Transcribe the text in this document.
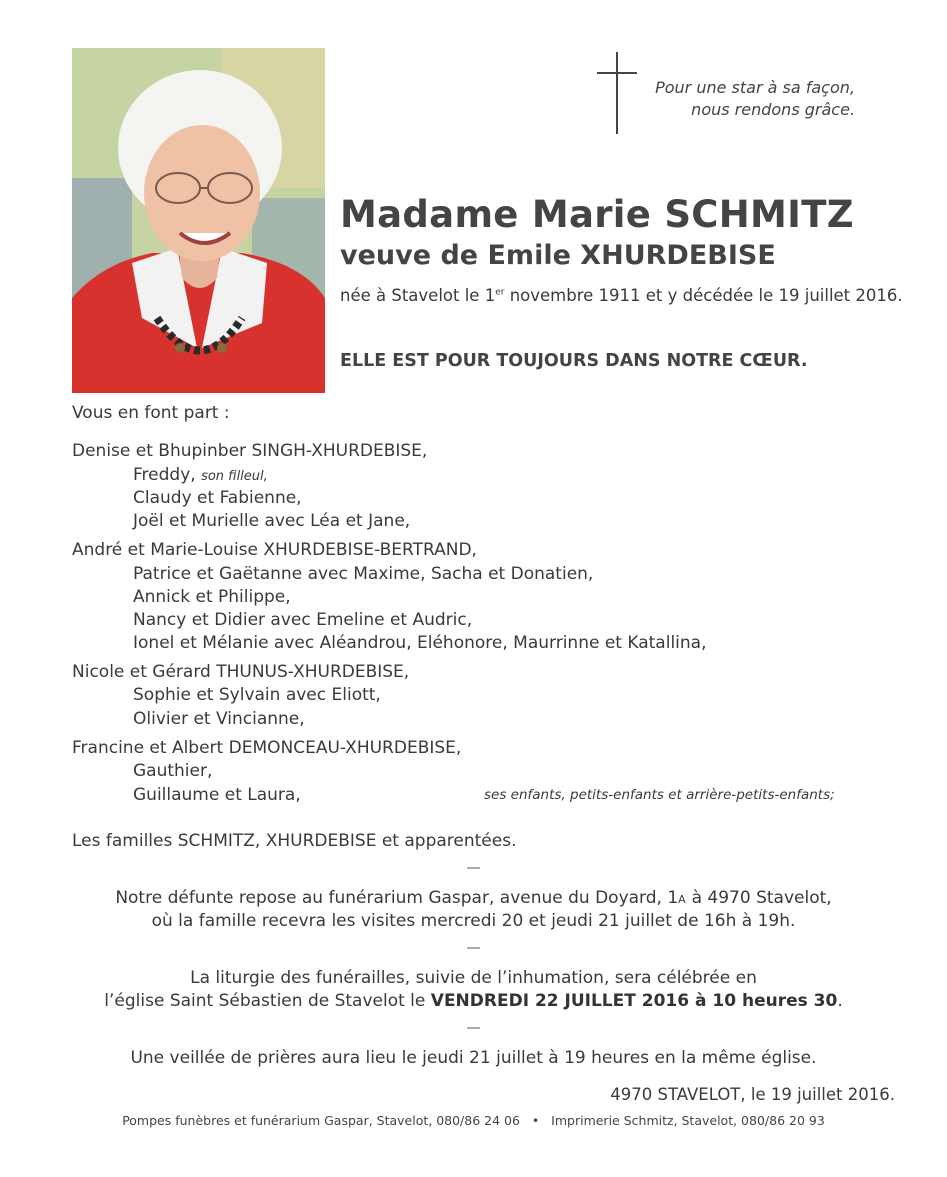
Pour une star à sa façon,
nous rendons grâce.
Madame Marie SCHMITZ
veuve de Emile XHURDEBISE
née à Stavelot le 1er novembre 1911 et y décédée le 19 juillet 2016.
ELLE EST POUR TOUJOURS DANS NOTRE CŒUR.
Vous en font part :
Denise et Bhupinber SINGH-XHURDEBISE,
Freddy, son filleul,
Claudy et Fabienne,
Joël et Murielle avec Léa et Jane,
André et Marie-Louise XHURDEBISE-BERTRAND,
Patrice et Gaëtanne avec Maxime, Sacha et Donatien,
Annick et Philippe,
Nancy et Didier avec Emeline et Audric,
Ionel et Mélanie avec Aléandrou, Eléhonore, Maurrinne et Katallina,
Nicole et Gérard THUNUS-XHURDEBISE,
Sophie et Sylvain avec Eliott,
Olivier et Vincianne,
Francine et Albert DEMONCEAU-XHURDEBISE,
Gauthier,
Guillaume et Laura,	ses enfants, petits-enfants et arrière-petits-enfants;
Les familles SCHMITZ, XHURDEBISE et apparentées.
—
Notre défunte repose au funérarium Gaspar, avenue du Doyard, 1A à 4970 Stavelot,
où la famille recevra les visites mercredi 20 et jeudi 21 juillet de 16h à 19h.
—
La liturgie des funérailles, suivie de l’inhumation, sera célébrée en
l’église Saint Sébastien de Stavelot le VENDREDI 22 JUILLET 2016 à 10 heures 30.
—
Une veillée de prières aura lieu le jeudi 21 juillet à 19 heures en la même église.
4970 STAVELOT, le 19 juillet 2016.
Pompes funèbres et funérarium Gaspar, Stavelot, 080/86 24 06 • Imprimerie Schmitz, Stavelot, 080/86 20 93
